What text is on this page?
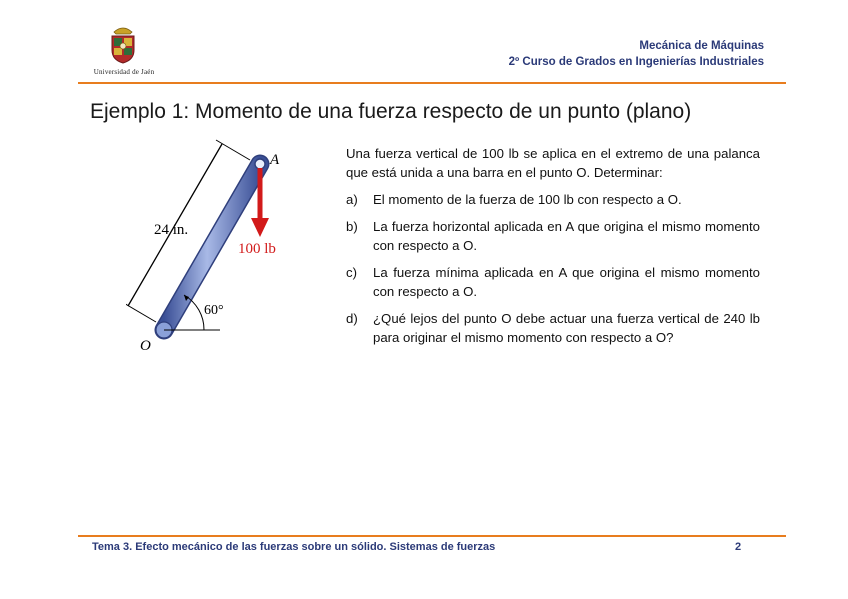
Universidad de Jaén
Mecánica de Máquinas
2º Curso de Grados en Ingenierías Industriales
Ejemplo 1: Momento de una fuerza respecto de un punto (plano)
A
O
24 in.
100 lb
60°

Una fuerza vertical de 100 lb se aplica en el extremo de una palanca que está unida a una barra en el punto O. Determinar:

a)	El momento de la fuerza de 100 lb con respecto a O.
b)	La fuerza horizontal aplicada en A que origina el mismo momento con respecto a O.
c)	La fuerza mínima aplicada en A que origina el mismo momento con respecto a O.
d)	¿Qué lejos del punto O debe actuar una fuerza vertical de 240 lb para originar el mismo momento con respecto a O?
Tema 3. Efecto mecánico de las fuerzas sobre un sólido. Sistemas de fuerzas	2
